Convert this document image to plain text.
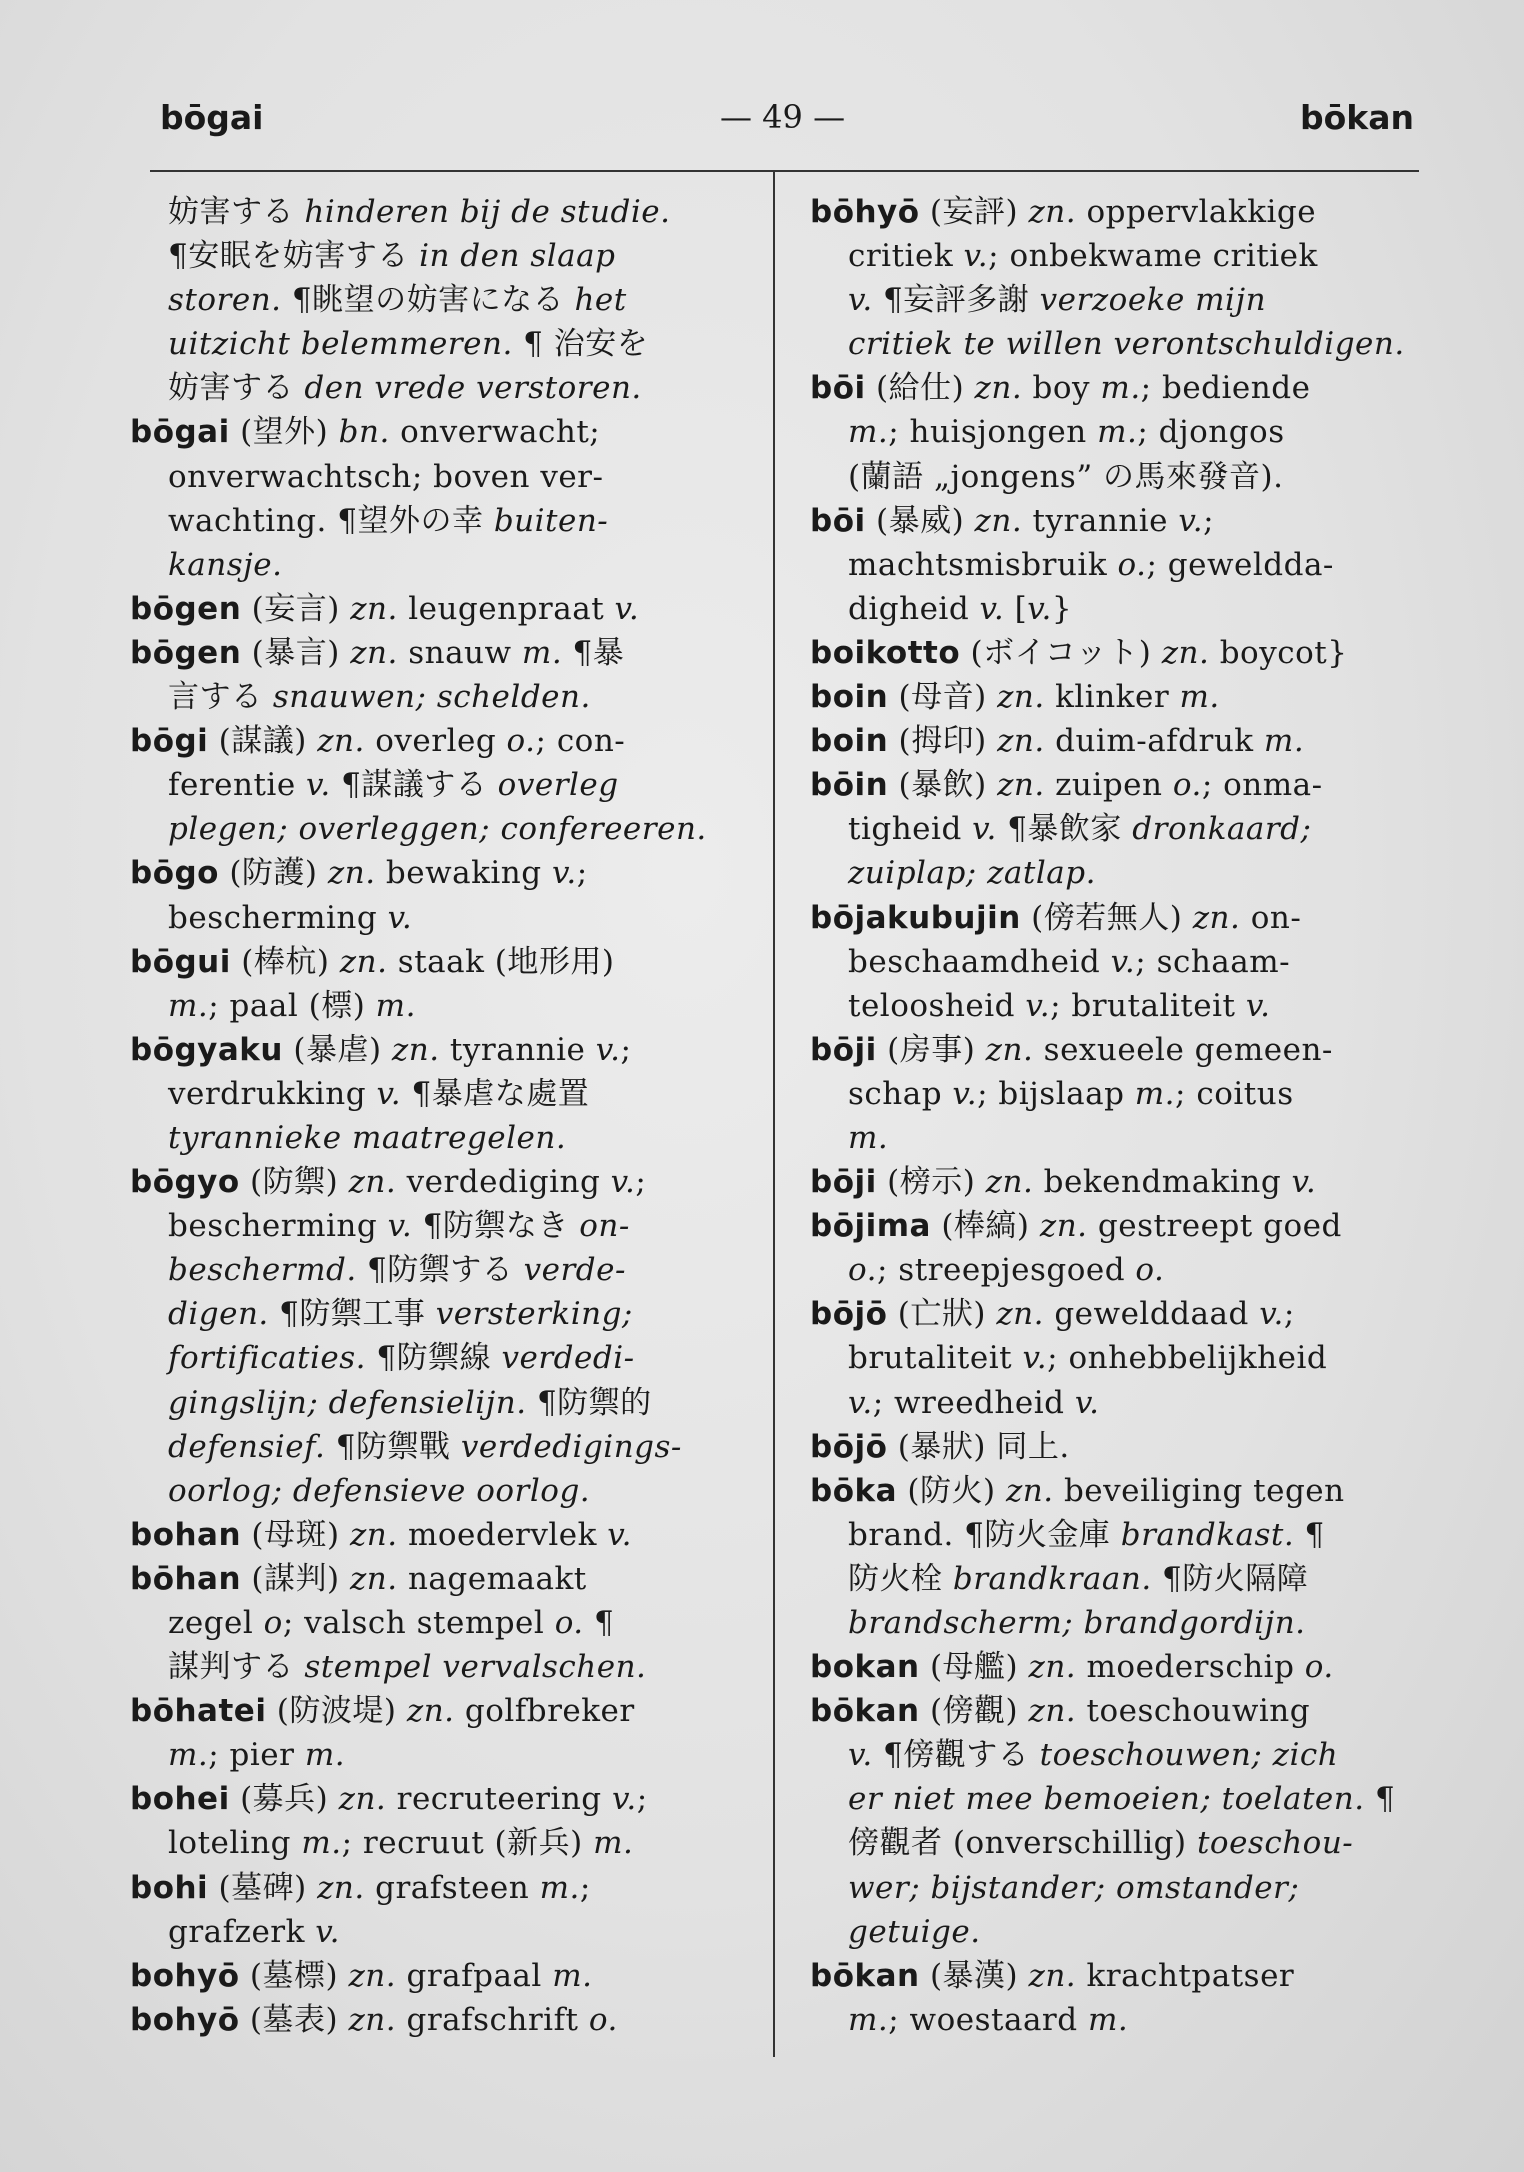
bōgai	— 49 —	bōkan
妨害する hinderen bij de studie.
¶安眠を妨害する in den slaap
storen. ¶眺望の妨害になる het
uitzicht belemmeren. ¶ 治安を
妨害する den vrede verstoren.
bōgai (望外) bn. onverwacht;
onverwachtsch; boven ver-
wachting. ¶望外の幸 buiten-
kansje.
bōgen (妄言) zn. leugenpraat v.
bōgen (暴言) zn. snauw m. ¶暴
言する snauwen; schelden.
bōgi (謀議) zn. overleg o.; con-
ferentie v. ¶謀議する overleg
plegen; overleggen; confereeren.
bōgo (防護) zn. bewaking v.;
bescherming v.
bōgui (棒杭) zn. staak (地形用)
m.; paal (標) m.
bōgyaku (暴虐) zn. tyrannie v.;
verdrukking v. ¶暴虐な處置
tyrannieke maatregelen.
bōgyo (防禦) zn. verdediging v.;
bescherming v. ¶防禦なき on-
beschermd. ¶防禦する verde-
digen. ¶防禦工事 versterking;
fortificaties. ¶防禦線 verdedi-
gingslijn; defensielijn. ¶防禦的
defensief. ¶防禦戰 verdedigings-
oorlog; defensieve oorlog.
bohan (母斑) zn. moedervlek v.
bōhan (謀判) zn. nagemaakt
zegel o; valsch stempel o. ¶
謀判する stempel vervalschen.
bōhatei (防波堤) zn. golfbreker
m.; pier m.
bohei (募兵) zn. recruteering v.;
loteling m.; recruut (新兵) m.
bohi (墓碑) zn. grafsteen m.;
grafzerk v.
bohyō (墓標) zn. grafpaal m.
bohyō (墓表) zn. grafschrift o.
bōhyō (妄評) zn. oppervlakkige
critiek v.; onbekwame critiek
v. ¶妄評多謝 verzoeke mijn
critiek te willen verontschuldigen.
bōi (給仕) zn. boy m.; bediende
m.; huisjongen m.; djongos
(蘭語 „jongens” の馬來發音).
bōi (暴威) zn. tyrannie v.;
machtsmisbruik o.; gewelddа-
digheid v. [v.}
boikotto (ボイコット) zn. boycot}
boin (母音) zn. klinker m.
boin (拇印) zn. duim-afdruk m.
bōin (暴飲) zn. zuipen o.; onma-
tigheid v. ¶暴飲家 dronkaard;
zuiplap; zatlap.
bōjakubujin (傍若無人) zn. on-
beschaamdheid v.; schaam-
teloosheid v.; brutaliteit v.
bōji (房事) zn. sexueele gemeen-
schap v.; bijslaap m.; coitus
m.
bōji (榜示) zn. bekendmaking v.
bōjima (棒縞) zn. gestreept goed
o.; streepjesgoed o.
bōjō (亡狀) zn. gewelddaad v.;
brutaliteit v.; onhebbelijkheid
v.; wreedheid v.
bōjō (暴狀) 同上.
bōka (防火) zn. beveiliging tegen
brand. ¶防火金庫 brandkast. ¶
防火栓 brandkraan. ¶防火隔障
brandscherm; brandgordijn.
bokan (母艦) zn. moederschip o.
bōkan (傍觀) zn. toeschouwing
v. ¶傍觀する toeschouwen; zich
er niet mee bemoeien; toelaten. ¶
傍觀者 (onverschillig) toeschou-
wer; bijstander; omstander;
getuige.
bōkan (暴漢) zn. krachtpatser
m.; woestaard m.
